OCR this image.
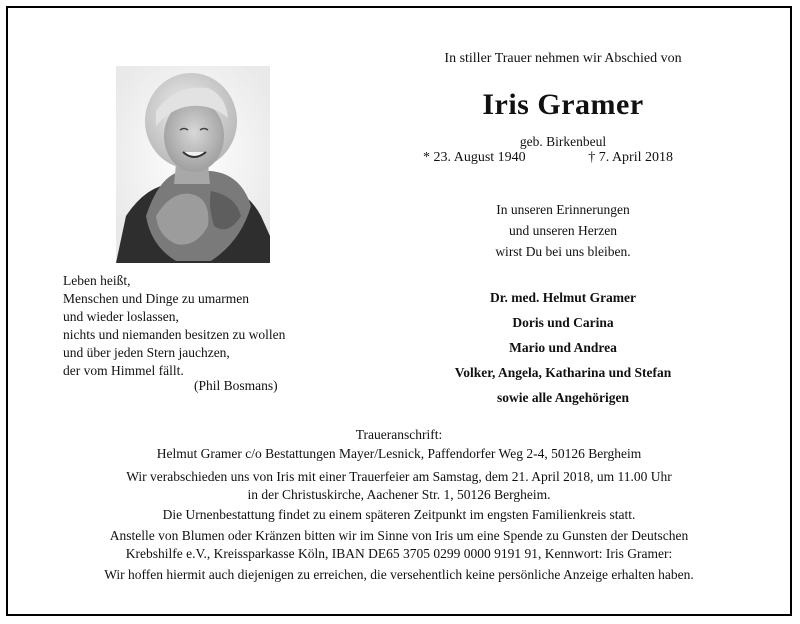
Leben heißt,
Menschen und Dinge zu umarmen
und wieder loslassen,
nichts und niemanden besitzen zu wollen
und über jeden Stern jauchzen,
der vom Himmel fällt.
(Phil Bosmans)
In stiller Trauer nehmen wir Abschied von
Iris Gramer
geb. Birkenbeul
* 23. August 1940	† 7. April 2018
In unseren Erinnerungen
und unseren Herzen
wirst Du bei uns bleiben.
Dr. med. Helmut Gramer
Doris und Carina
Mario und Andrea
Volker, Angela, Katharina und Stefan
sowie alle Angehörigen
Traueranschrift:
Helmut Gramer c/o Bestattungen Mayer/Lesnick, Paffendorfer Weg 2-4, 50126 Bergheim
Wir verabschieden uns von Iris mit einer Trauerfeier am Samstag, dem 21. April 2018, um 11.00 Uhr
in der Christuskirche, Aachener Str. 1, 50126 Bergheim.
Die Urnenbestattung findet zu einem späteren Zeitpunkt im engsten Familienkreis statt.
Anstelle von Blumen oder Kränzen bitten wir im Sinne von Iris um eine Spende zu Gunsten der Deutschen
Krebshilfe e.V., Kreissparkasse Köln, IBAN DE65 3705 0299 0000 9191 91, Kennwort: Iris Gramer:
Wir hoffen hiermit auch diejenigen zu erreichen, die versehentlich keine persönliche Anzeige erhalten haben.
